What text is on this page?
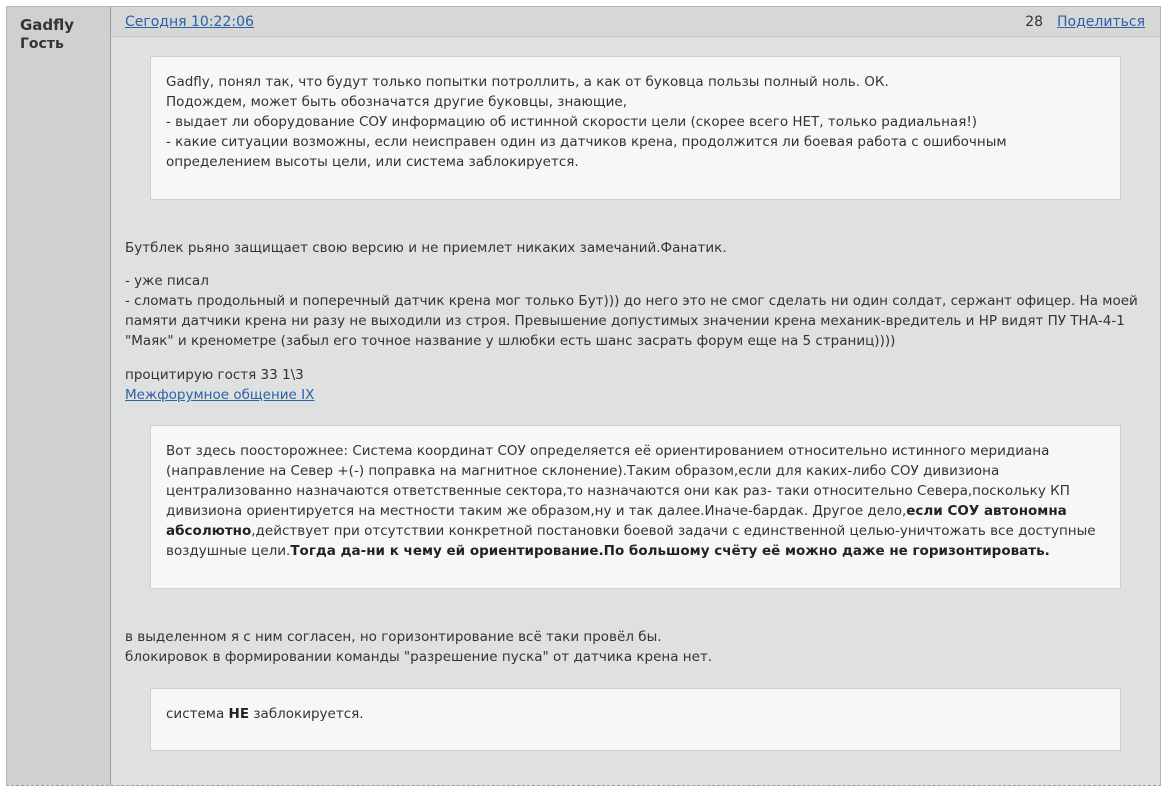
Gadfly
Гость
Сегодня 10:22:06	28 Поделиться
Gadfly, понял так, что будут только попытки потроллить, а как от буковца пользы полный ноль. ОК.
Подождем, может быть обозначатся другие буковцы, знающие,
- выдает ли оборудование СОУ информацию об истинной скорости цели (скорее всего НЕТ, только радиальная!)
- какие ситуации возможны, если неисправен один из датчиков крена, продолжится ли боевая работа с ошибочным
определением высоты цели, или система заблокируется.
Бутблек рьяно защищает свою версию и не приемлет никаких замечаний.Фанатик.
- уже писал
- сломать продольный и поперечный датчик крена мог только Бут))) до него это не смог сделать ни один солдат, сержант офицер. На моей
памяти датчики крена ни разу не выходили из строя. Превышение допустимых значении крена механик-вредитель и НР видят ПУ ТНА-4-1
"Маяк" и кренометре (забыл его точное название у шлюбки есть шанс засрать форум еще на 5 страниц))))
процитирую гостя 33 1\3
Межфорумное общение IX
Вот здесь поосторожнее: Система координат СОУ определяется её ориентированием относительно истинного меридиана
(направление на Север +(-) поправка на магнитное склонение).Таким образом,если для каких-либо СОУ дивизиона
централизованно назначаются ответственные сектора,то назначаются они как раз- таки относительно Севера,поскольку КП
дивизиона ориентируется на местности таким же образом,ну и так далее.Иначе-бардак. Другое дело,если СОУ автономна
абсолютно,действует при отсутствии конкретной постановки боевой задачи с единственной целью-уничтожать все доступные
воздушные цели.Тогда да-ни к чему ей ориентирование.По большому счёту её можно даже не горизонтировать.
в выделенном я с ним согласен, но горизонтирование всё таки провёл бы.
блокировок в формировании команды "разрешение пуска" от датчика крена нет.
система НЕ заблокируется.
